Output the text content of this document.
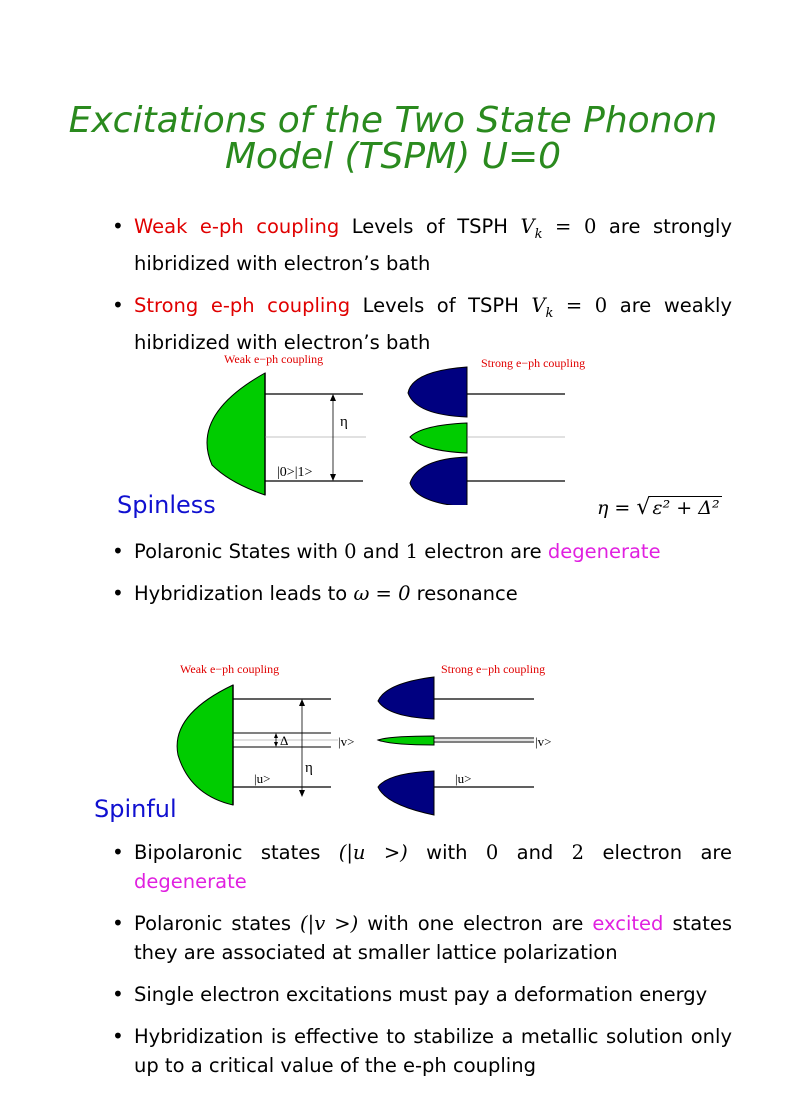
Excitations of the Two State Phonon
Model (TSPM) U=0
• Weak e-ph coupling Levels of TSPH $V_k = 0$ are strongly hibridized with electron’s bath
• Strong e-ph coupling Levels of TSPH $V_k = 0$ are weakly hibridized with electron’s bath
Weak e−ph coupling	Strong e−ph coupling
η
|0>|1>
Spinless	η = √ ε² + Δ²
• Polaronic States with 0 and 1 electron are degenerate
• Hybridization leads to ω = 0 resonance
Weak e−ph coupling	Strong e−ph coupling
Δ
η
|v>
|u>
|v>
|u>
Spinful
• Bipolaronic states (|u >) with 0 and 2 electron are degenerate
• Polaronic states (|v >) with one electron are excited states they are associated at smaller lattice polarization
• Single electron excitations must pay a deformation energy
• Hybridization is effective to stabilize a metallic solution only up to a critical value of the e-ph coupling
